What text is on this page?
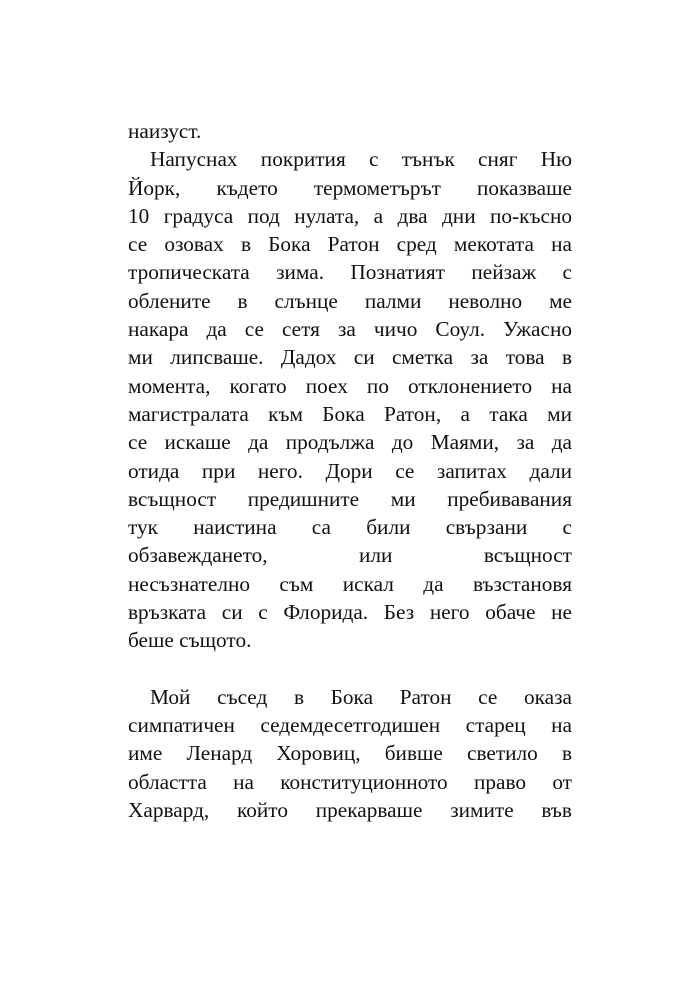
наизуст.

Напуснах покрития с тънък сняг Ню
Йорк, където термометърът показваше
10 градуса под нулата, а два дни по-късно
се озовах в Бока Ратон сред мекотата на
тропическата зима. Познатият пейзаж с
облените в слънце палми неволно ме
накара да се сетя за чичо Соул. Ужасно
ми липсваше. Дадох си сметка за това в
момента, когато поех по отклонението на
магистралата към Бока Ратон, а така ми
се искаше да продължа до Маями, за да
отида при него. Дори се запитах дали
всъщност предишните ми пребивавания
тук наистина са били свързани с
обзавеждането, или всъщност
несъзнателно съм искал да възстановя
връзката си с Флорида. Без него обаче не
беше същото.

Мой съсед в Бока Ратон се оказа
симпатичен седемдесетгодишен старец на
име Ленард Хоровиц, бивше светило в
областта на конституционното право от
Харвард, който прекарваше зимите във
